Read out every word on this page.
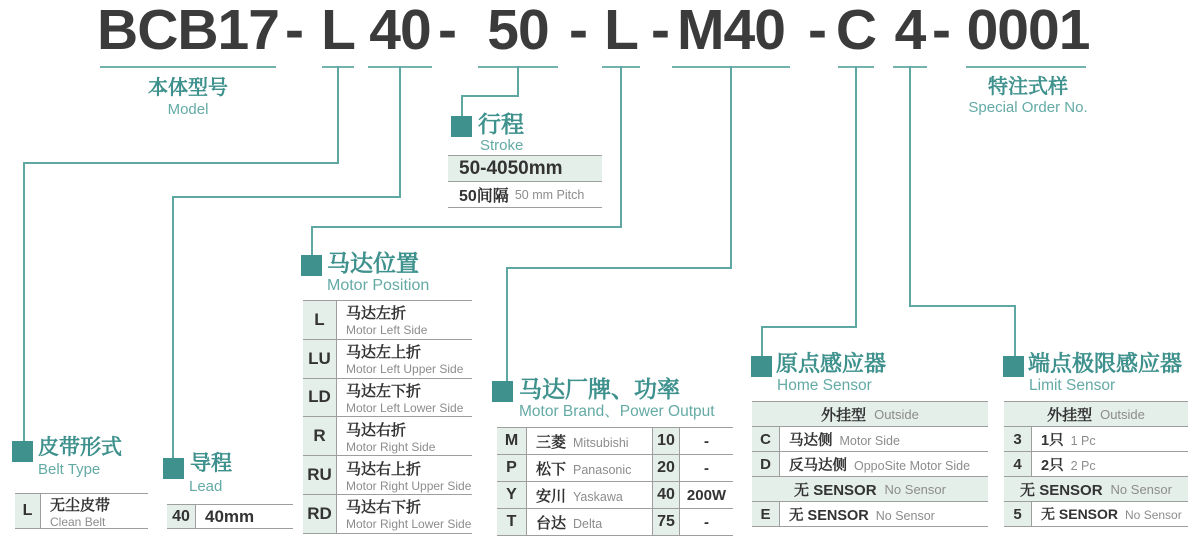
BCB17 - L 40 - 50 - L - M40 - C 4 - 0001
本体型号
Model
特注式样
Special Order No.
行程
Stroke
50-4050mm
50间隔 50 mm Pitch
马达位置
Motor Position
L	马达左折
Motor Left Side
LU	马达左上折
Motor Left Upper Side
LD	马达左下折
Motor Left Lower Side
R	马达右折
Motor Right Side
RU 马达右上折
Motor Right Upper Side
RD 马达右下折
Motor Right Lower Side
皮带形式
Belt Type
L	无尘皮带
Clean Belt
导程
Lead
40 40mm
马达厂牌、功率
Motor Brand、Power Output
M	三菱 Mitsubishi	10	-
P	松下 Panasonic	20	-
Y	安川 Yaskawa	40 200W
T	台达 Delta	75	-
原点感应器
Home Sensor
外挂型 Outside
C	马达侧 Motor Side
D	反马达侧 OppoSite Motor Side
无 SENSOR No Sensor
E	无 SENSOR No Sensor
端点极限感应器
Limit Sensor
外挂型 Outside
3	1只 1 Pc
4	2只 2 Pc
无 SENSOR No Sensor
5	无 SENSOR No Sensor
